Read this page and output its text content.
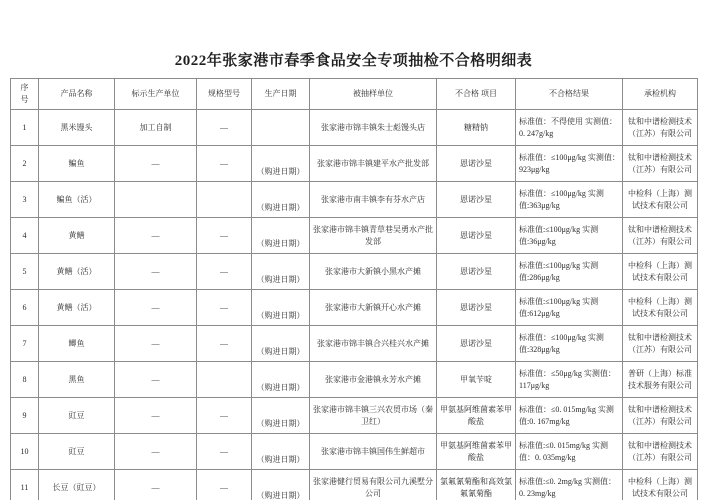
2022年张家港市春季食品安全专项抽检不合格明细表
序号	产品名称	标示生产单位	规格型号	生产日期	被抽样单位	不合格 项目	不合格结果	承检机构
1	黑米馒头	加工自制	—		张家港市锦丰镇朱士彪馒头店	糖精钠	标准值：不得使用 实测值：0. 247g/kg	钛和中谱检测技术（江苏）有限公司
2	鳊鱼	—	—	（购进日期）	张家港市锦丰镇建平水产批发部	恩诺沙星	标准值：≤100μg/kg 实测值：923μg/kg	钛和中谱检测技术（江苏）有限公司
3	鳊鱼（活）			（购进日期）	张家港市南丰镇李有芬水产店	恩诺沙星	标准值：≤100μg/kg 实测值:363μg/kg	中检科（上海）测试技术有限公司
4	黄鳝	—	—	（购进日期）	张家港市锦丰镇青草巷吴勇水产批发部	恩诺沙星	标准值:≤100μg/kg 实测值:36μg/kg	钛和中谱检测技术（江苏）有限公司
5	黄鳝（活）	—	—	（购进日期）	张家港市大新镇小黑水产摊	恩诺沙星	标准值:≤100μg/kg 实测值:286μg/kg	中检科（上海）测试技术有限公司
6	黄鳝（活）	—	—	（购进日期）	张家港市大新镇开心水产摊	恩诺沙星	标准值:≤100μg/kg 实测值:612μg/kg	中检科（上海）测试技术有限公司
7	鲫鱼	—	—	（购进日期）	张家港市锦丰镇合兴桂兴水产摊	恩诺沙星	标准值：≤100μg/kg 实测值:328μg/kg	钛和中谱检测技术（江苏）有限公司
8	黑鱼	—		（购进日期）	张家港市金港镇永芳水产摊	甲氧苄啶	标准值：≤50μg/kg 实测值：117μg/kg	普研（上海）标准技术服务有限公司
9	豇豆	—	—	（购进日期）	张家港市锦丰镇三兴农贸市场（秦卫红）	甲氨基阿维菌素苯甲酸盐	标准值：≤0. 015mg/kg 实测值:0. 167mg/kg	钛和中谱检测技术（江苏）有限公司
10	豇豆	—	—	（购进日期）	张家港市锦丰镇国伟生鲜超市	甲氨基阿维菌素苯甲酸盐	标准值:≤0. 015mg/kg 实测值：0. 035mg/kg	钛和中谱检测技术（江苏）有限公司
11	长豆（豇豆）	—	—	（购进日期）	张家港健行贸易有限公司九溪墅分公司	氯氟氰菊酯和高效氯氟氰菊酯	标准值:≤0. 2mg/kg 实测值：0. 23mg/kg	中检科（上海）测试技术有限公司
